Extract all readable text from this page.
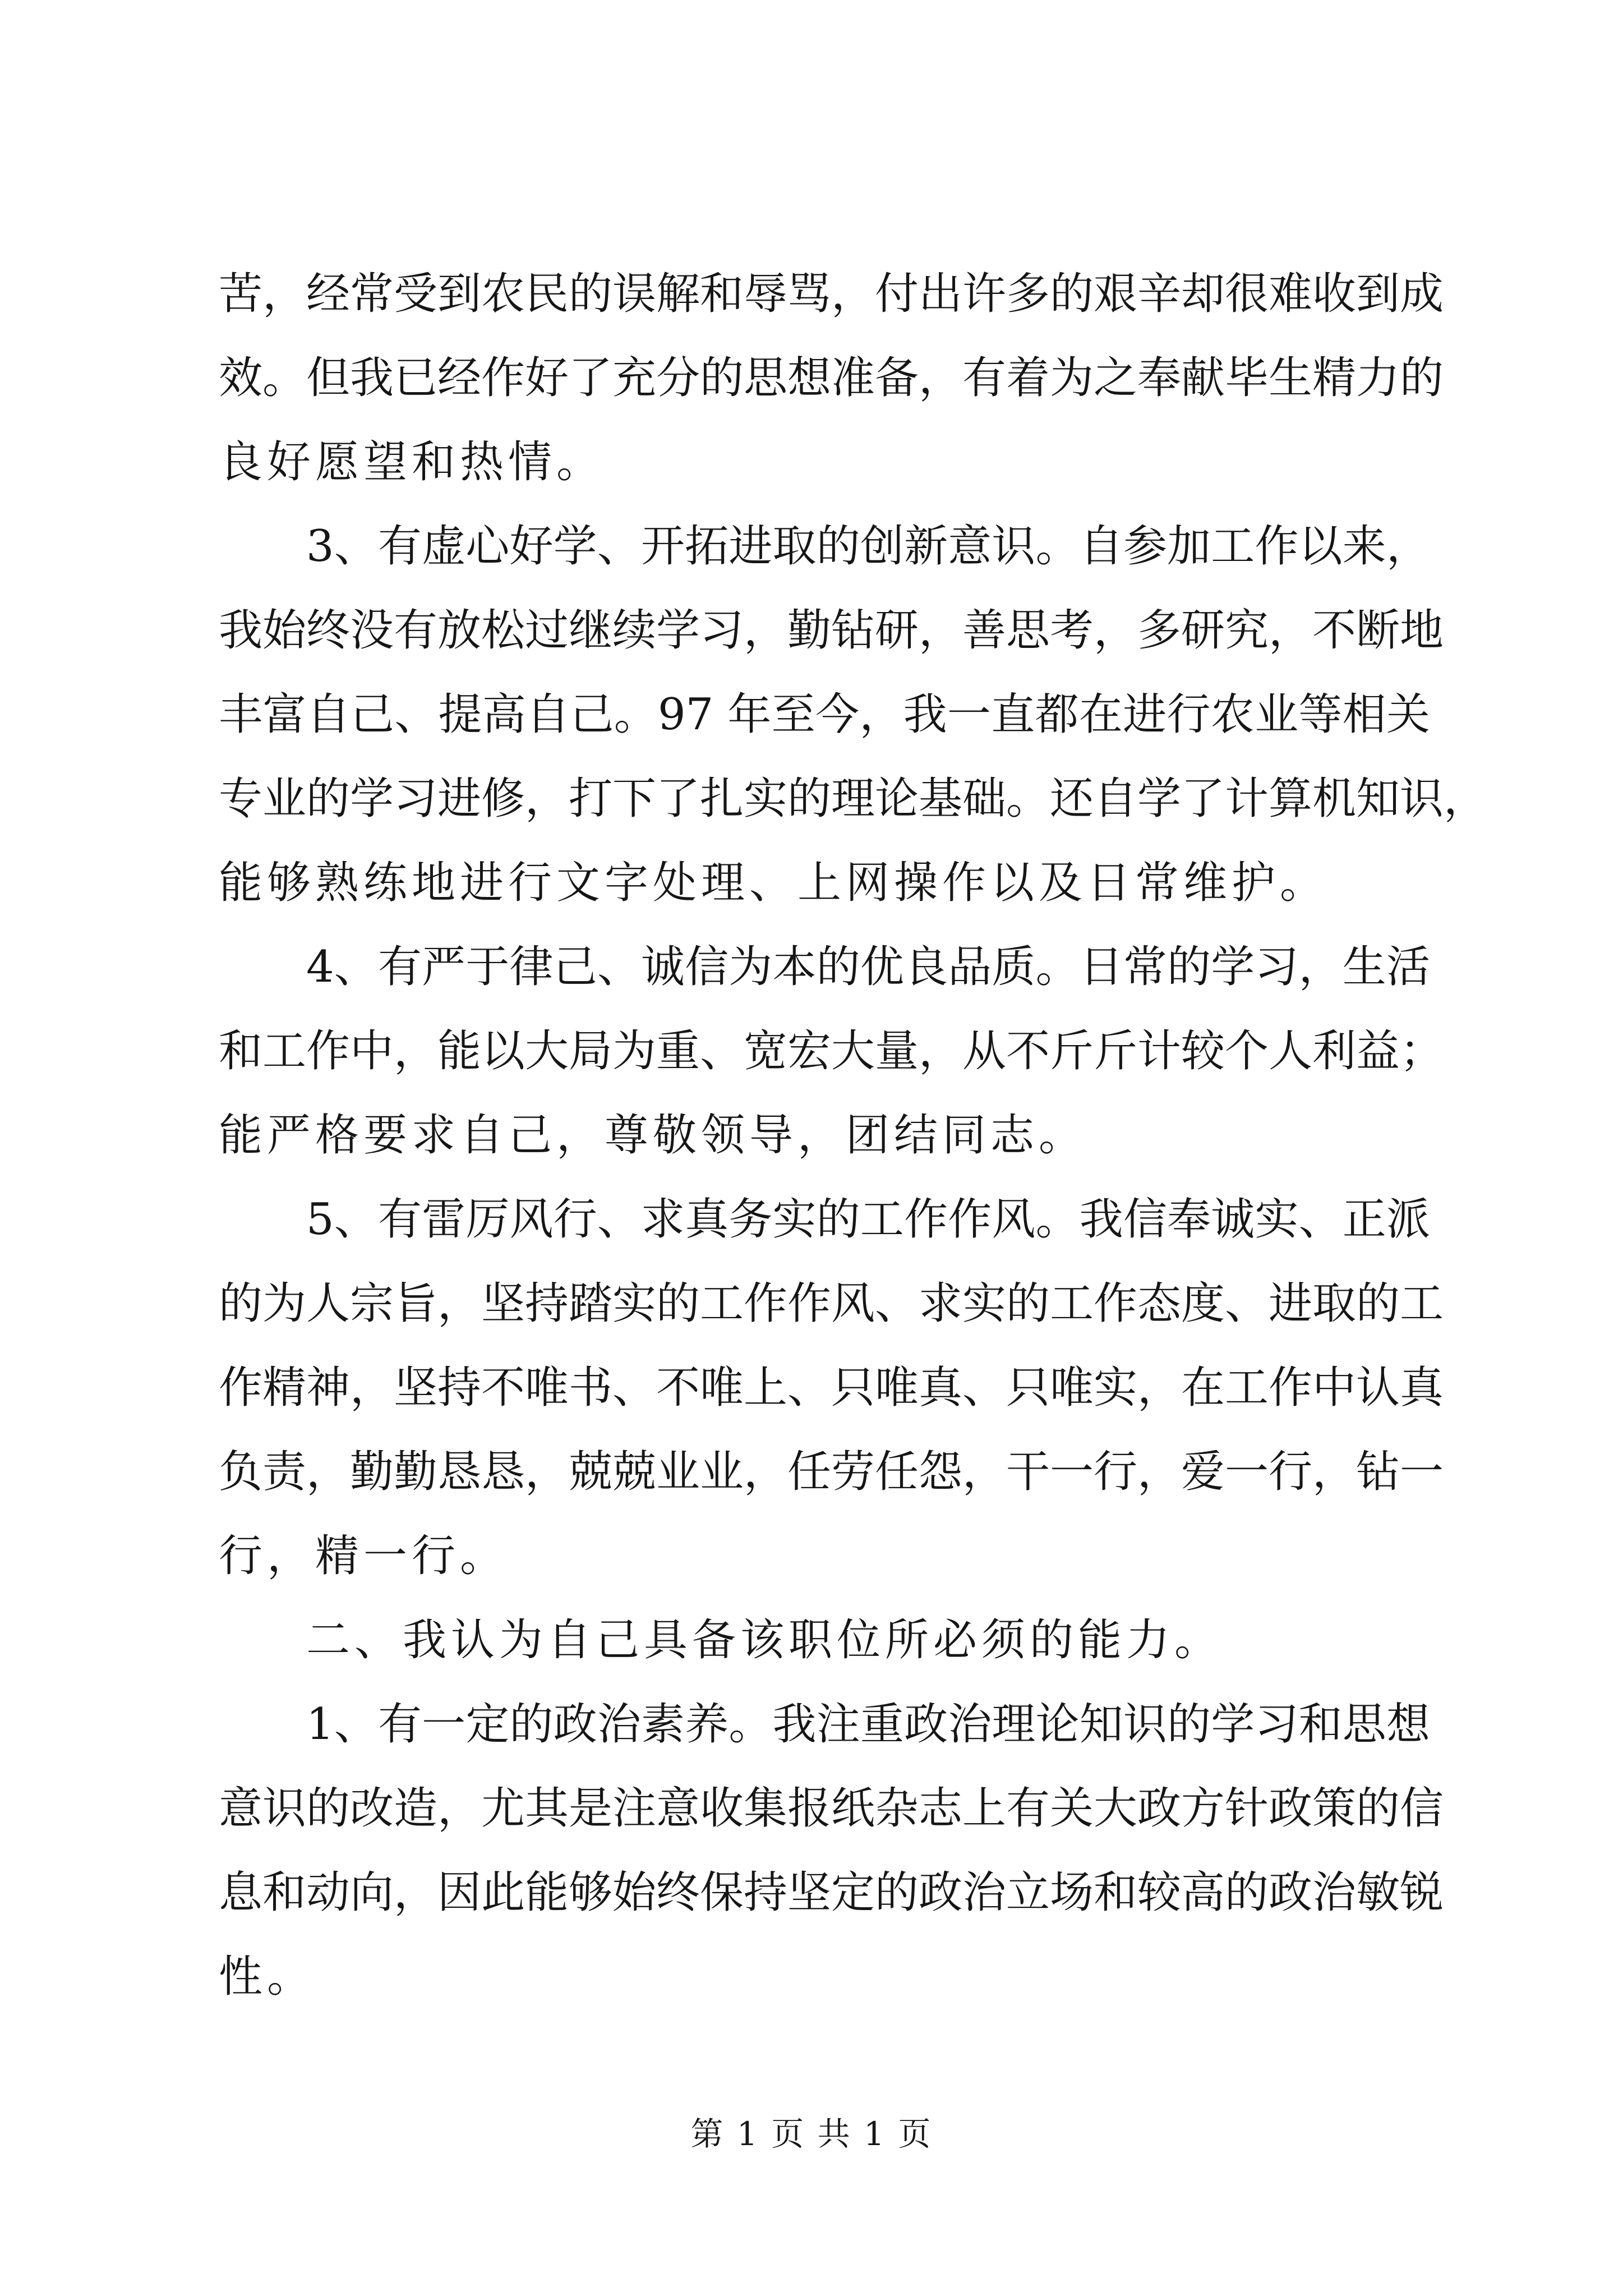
苦，经常受到农民的误解和辱骂，付出许多的艰辛却很难收到成
效。但我已经作好了充分的思想准备，有着为之奉献毕生精力的
良好愿望和热情。
3、有虚心好学、开拓进取的创新意识。自参加工作以来，
我始终没有放松过继续学习，勤钻研，善思考，多研究，不断地
丰富自己、提高自己。97 年至今，我一直都在进行农业等相关
专业的学习进修，打下了扎实的理论基础。还自学了计算机知识，
能够熟练地进行文字处理、上网操作以及日常维护。
4、有严于律己、诚信为本的优良品质。日常的学习，生活
和工作中，能以大局为重、宽宏大量，从不斤斤计较个人利益；
能严格要求自己，尊敬领导，团结同志。
5、有雷厉风行、求真务实的工作作风。我信奉诚实、正派
的为人宗旨，坚持踏实的工作作风、求实的工作态度、进取的工
作精神，坚持不唯书、不唯上、只唯真、只唯实，在工作中认真
负责，勤勤恳恳，兢兢业业，任劳任怨，干一行，爱一行，钻一
行，精一行。
二、我认为自己具备该职位所必须的能力。
1、有一定的政治素养。我注重政治理论知识的学习和思想
意识的改造，尤其是注意收集报纸杂志上有关大政方针政策的信
息和动向，因此能够始终保持坚定的政治立场和较高的政治敏锐
性。
第 1 页 共 1 页
